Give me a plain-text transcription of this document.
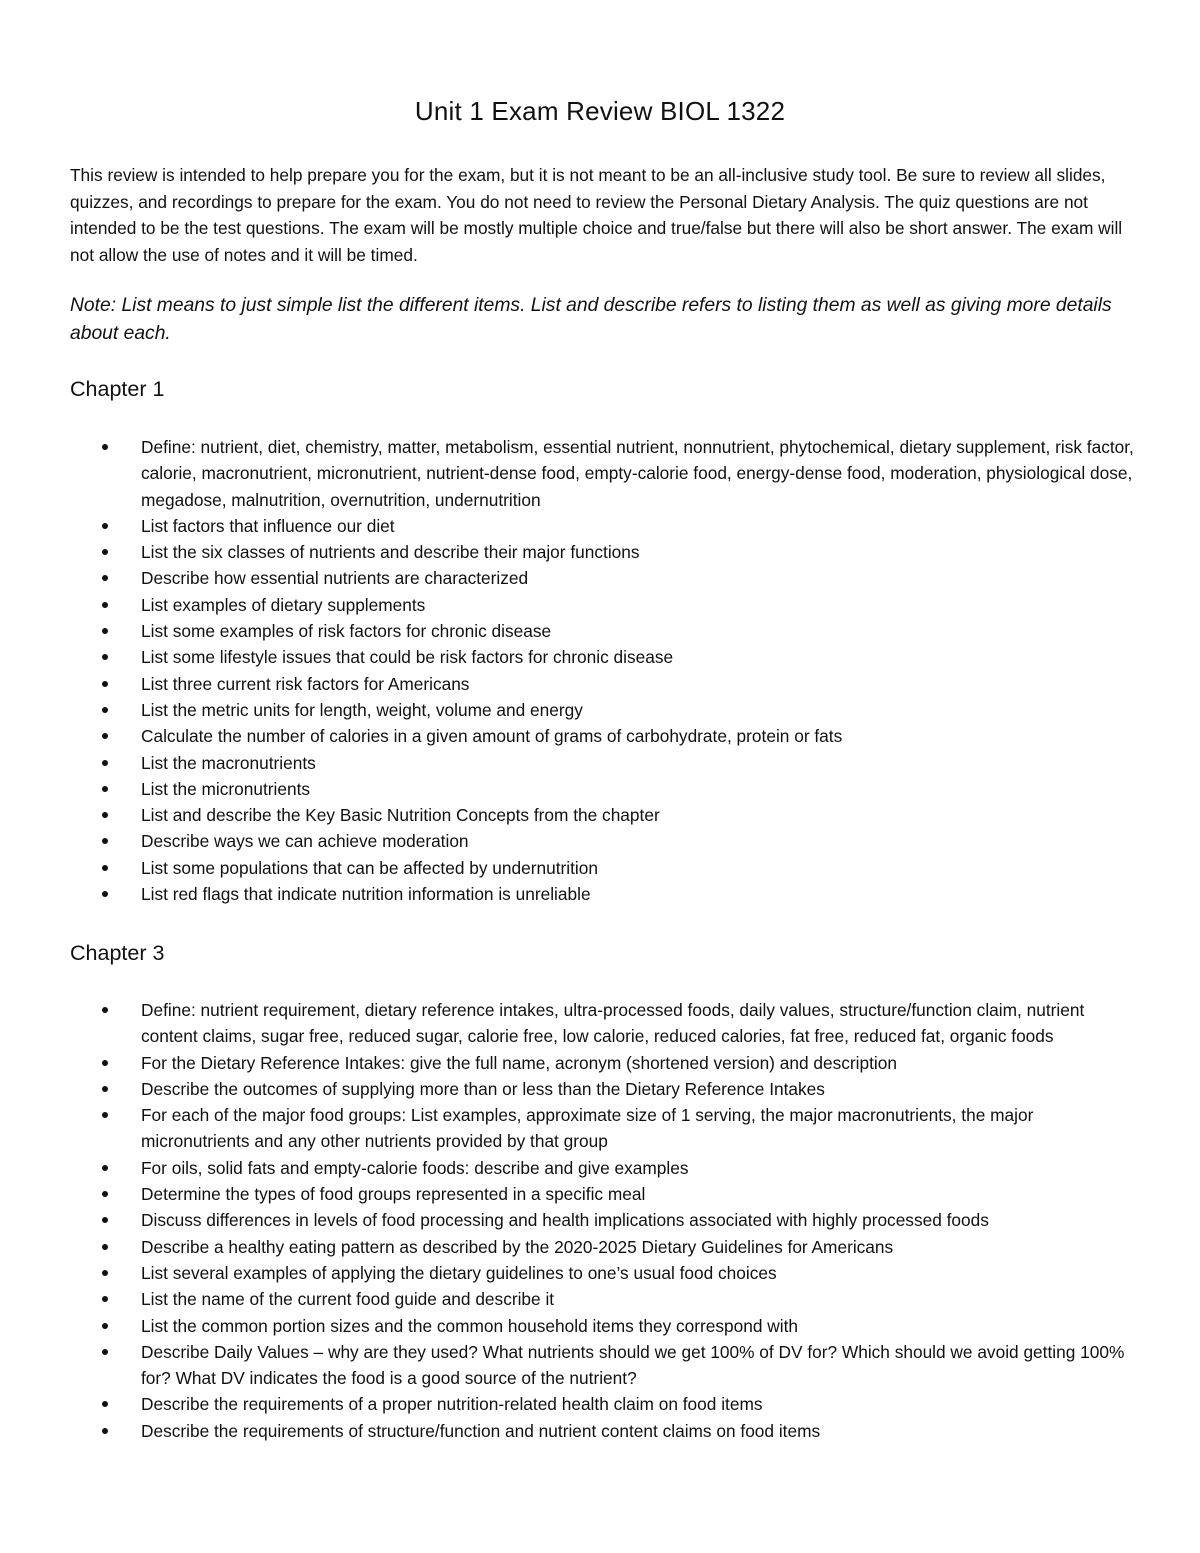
Unit 1 Exam Review BIOL 1322

This review is intended to help prepare you for the exam, but it is not meant to be an all-inclusive study tool. Be sure to review all slides, quizzes, and recordings to prepare for the exam. You do not need to review the Personal Dietary Analysis. The quiz questions are not intended to be the test questions. The exam will be mostly multiple choice and true/false but there will also be short answer. The exam will not allow the use of notes and it will be timed.

Note: List means to just simple list the different items. List and describe refers to listing them as well as giving more details about each.

Chapter 1
Define: nutrient, diet, chemistry, matter, metabolism, essential nutrient, nonnutrient, phytochemical, dietary supplement, risk factor, calorie, macronutrient, micronutrient, nutrient-dense food, empty-calorie food, energy-dense food, moderation, physiological dose, megadose, malnutrition, overnutrition, undernutrition
List factors that influence our diet
List the six classes of nutrients and describe their major functions
Describe how essential nutrients are characterized
List examples of dietary supplements
List some examples of risk factors for chronic disease
List some lifestyle issues that could be risk factors for chronic disease
List three current risk factors for Americans
List the metric units for length, weight, volume and energy
Calculate the number of calories in a given amount of grams of carbohydrate, protein or fats
List the macronutrients
List the micronutrients
List and describe the Key Basic Nutrition Concepts from the chapter
Describe ways we can achieve moderation
List some populations that can be affected by undernutrition
List red flags that indicate nutrition information is unreliable
Chapter 3
Define: nutrient requirement, dietary reference intakes, ultra-processed foods, daily values, structure/function claim, nutrient content claims, sugar free, reduced sugar, calorie free, low calorie, reduced calories, fat free, reduced fat, organic foods
For the Dietary Reference Intakes: give the full name, acronym (shortened version) and description
Describe the outcomes of supplying more than or less than the Dietary Reference Intakes
For each of the major food groups: List examples, approximate size of 1 serving, the major macronutrients, the major micronutrients and any other nutrients provided by that group
For oils, solid fats and empty-calorie foods: describe and give examples
Determine the types of food groups represented in a specific meal
Discuss differences in levels of food processing and health implications associated with highly processed foods
Describe a healthy eating pattern as described by the 2020-2025 Dietary Guidelines for Americans
List several examples of applying the dietary guidelines to one’s usual food choices
List the name of the current food guide and describe it
List the common portion sizes and the common household items they correspond with
Describe Daily Values – why are they used? What nutrients should we get 100% of DV for? Which should we avoid getting 100% for? What DV indicates the food is a good source of the nutrient?
Describe the requirements of a proper nutrition-related health claim on food items
Describe the requirements of structure/function and nutrient content claims on food items
